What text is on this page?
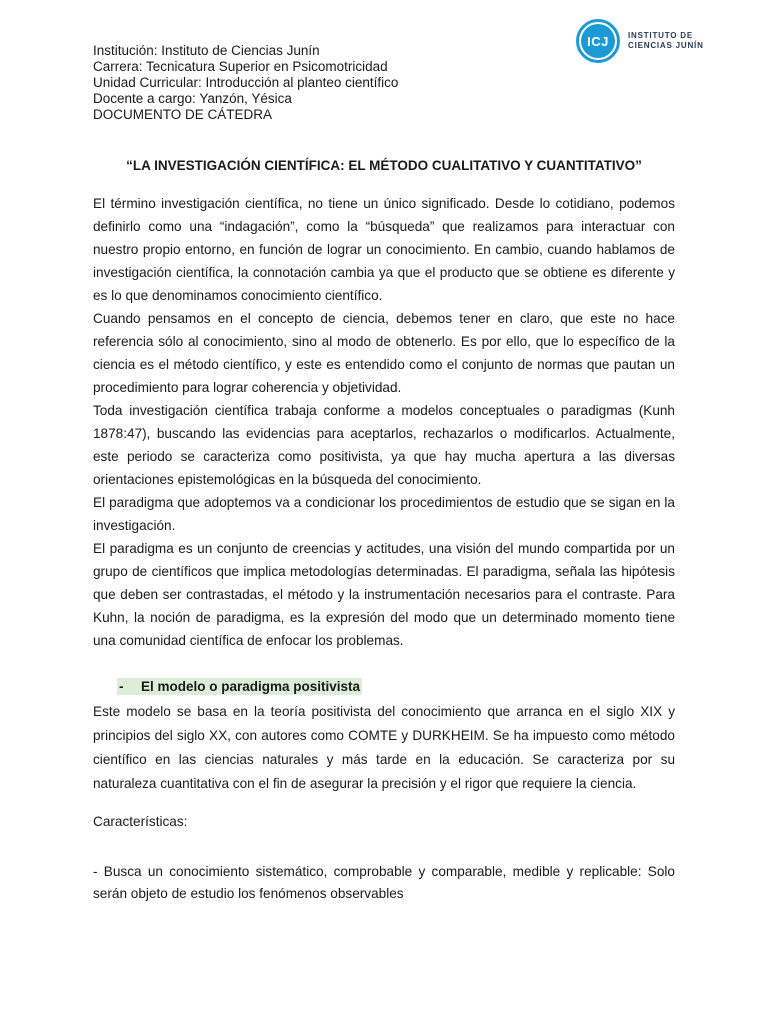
Institución: Instituto de Ciencias Junín
Carrera: Tecnicatura Superior en Psicomotricidad
Unidad Curricular: Introducción al planteo científico
Docente a cargo: Yanzón, Yésica
DOCUMENTO DE CÁTEDRA
ICJ	INSTITUTO DE
CIENCIAS JUNÍN
“LA INVESTIGACIÓN CIENTÍFICA: EL MÉTODO CUALITATIVO Y CUANTITATIVO”

El término investigación científica, no tiene un único significado. Desde lo cotidiano, podemos definirlo como una “indagación”, como la “búsqueda” que realizamos para interactuar con nuestro propio entorno, en función de lograr un conocimiento. En cambio, cuando hablamos de investigación científica, la connotación cambia ya que el producto que se obtiene es diferente y es lo que denominamos conocimiento científico.

Cuando pensamos en el concepto de ciencia, debemos tener en claro, que este no hace referencia sólo al conocimiento, sino al modo de obtenerlo. Es por ello, que lo específico de la ciencia es el método científico, y este es entendido como el conjunto de normas que pautan un procedimiento para lograr coherencia y objetividad.

Toda investigación científica trabaja conforme a modelos conceptuales o paradigmas (Kunh 1878:47), buscando las evidencias para aceptarlos, rechazarlos o modificarlos. Actualmente, este periodo se caracteriza como positivista, ya que hay mucha apertura a las diversas orientaciones epistemológicas en la búsqueda del conocimiento.

El paradigma que adoptemos va a condicionar los procedimientos de estudio que se sigan en la investigación.

El paradigma es un conjunto de creencias y actitudes, una visión del mundo compartida por un grupo de científicos que implica metodologías determinadas. El paradigma, señala las hipótesis que deben ser contrastadas, el método y la instrumentación necesarios para el contraste. Para Kuhn, la noción de paradigma, es la expresión del modo que un determinado momento tiene una comunidad científica de enfocar los problemas.

- El modelo o paradigma positivista

Este modelo se basa en la teoría positivista del conocimiento que arranca en el siglo XIX y principios del siglo XX, con autores como COMTE y DURKHEIM. Se ha impuesto como método científico en las ciencias naturales y más tarde en la educación. Se caracteriza por su naturaleza cuantitativa con el fin de asegurar la precisión y el rigor que requiere la ciencia.

Características:
- Busca un conocimiento sistemático, comprobable y comparable, medible y replicable: Solo serán objeto de estudio los fenómenos observables
